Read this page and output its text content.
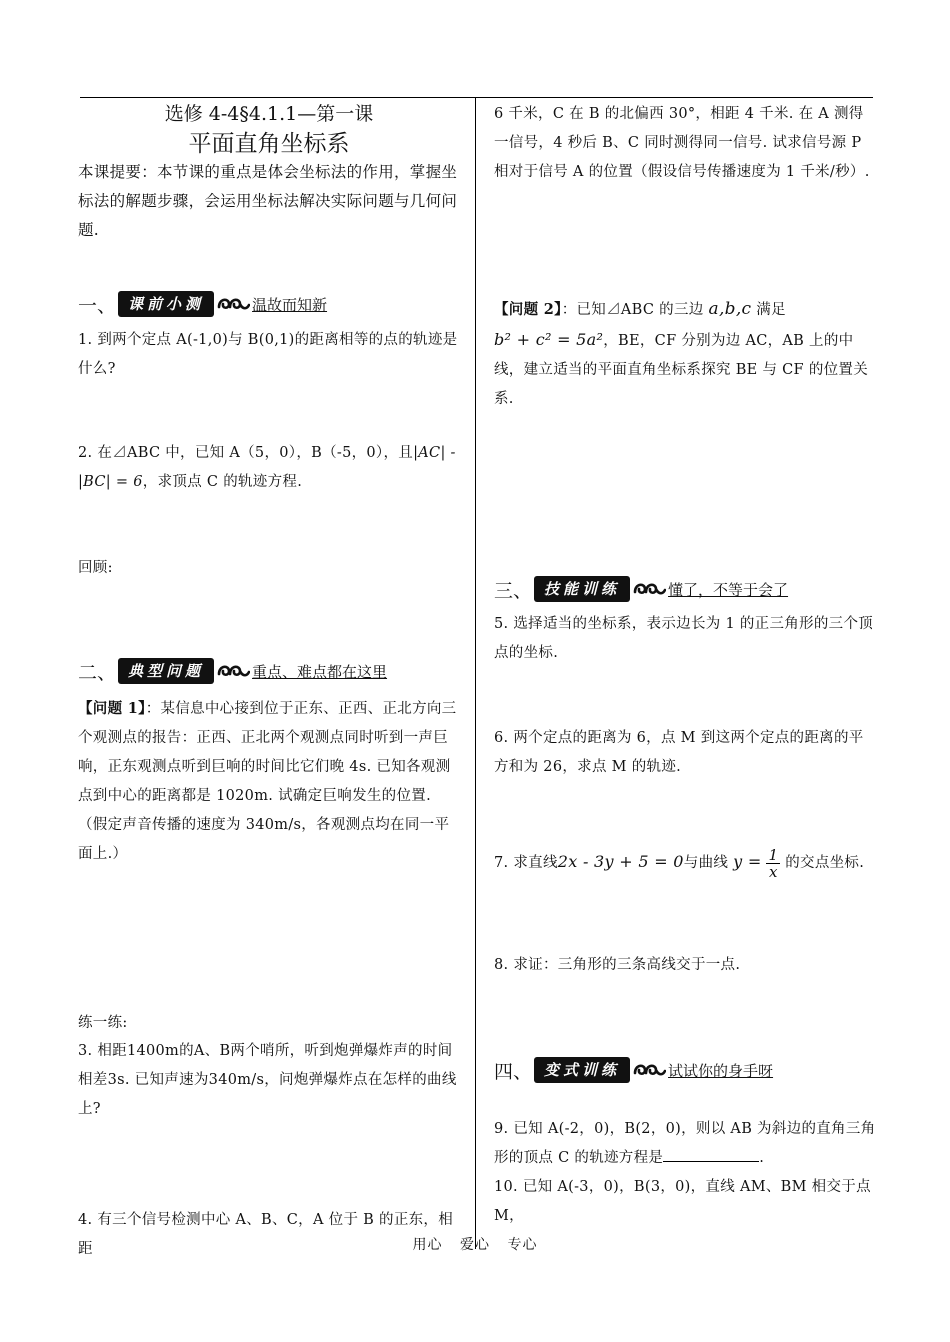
选修 4-4§4.1.1—第一课
平面直角坐标系
本课提要：本节课的重点是体会坐标法的作用，掌握坐标法的解题步骤，会运用坐标法解决实际问题与几何问题.
一、 课前小测	温故而知新
1. 到两个定点 A(-1,0)与 B(0,1)的距离相等的点的轨迹是什么?
2. 在⊿ABC 中，已知 A（5，0），B（-5，0），且|AC| - |BC| = 6，求顶点 C 的轨迹方程.
回顾:
二、 典型问题	重点、难点都在这里
【问题 1】：某信息中心接到位于正东、正西、正北方向三个观测点的报告：正西、正北两个观测点同时听到一声巨响，正东观测点听到巨响的时间比它们晚 4s. 已知各观测点到中心的距离都是 1020m. 试确定巨响发生的位置.（假定声音传播的速度为 340m/s，各观测点均在同一平面上.）
练一练:
3. 相距1400m的A、B两个哨所，听到炮弹爆炸声的时间相差3s. 已知声速为340m/s，问炮弹爆炸点在怎样的曲线上?
4. 有三个信号检测中心 A、B、C，A 位于 B 的正东，相距
6 千米，C 在 B 的北偏西 30°，相距 4 千米. 在 A 测得一信号，4 秒后 B、C 同时测得同一信号. 试求信号源 P 相对于信号 A 的位置（假设信号传播速度为 1 千米/秒）.
【问题 2】：已知⊿ABC 的三边 a,b,c 满足
b² + c² = 5a²，BE，CF 分别为边 AC，AB 上的中线，建立适当的平面直角坐标系探究 BE 与 CF 的位置关系.
三、 技能训练	懂了，不等于会了
5. 选择适当的坐标系，表示边长为 1 的正三角形的三个顶点的坐标.
6. 两个定点的距离为 6，点 M 到这两个定点的距离的平方和为 26，求点 M 的轨迹.
7. 求直线2x - 3y + 5 = 0与曲线 $y = \frac{1}{x}$ 的交点坐标.
8. 求证：三角形的三条高线交于一点.
四、 变式训练	试试你的身手呀
9. 已知 A(-2，0)，B(2，0)，则以 AB 为斜边的直角三角形的顶点 C 的轨迹方程是	.
10. 已知 A(-3，0)，B(3，0)，直线 AM、BM 相交于点 M，
用心 爱心 专心
